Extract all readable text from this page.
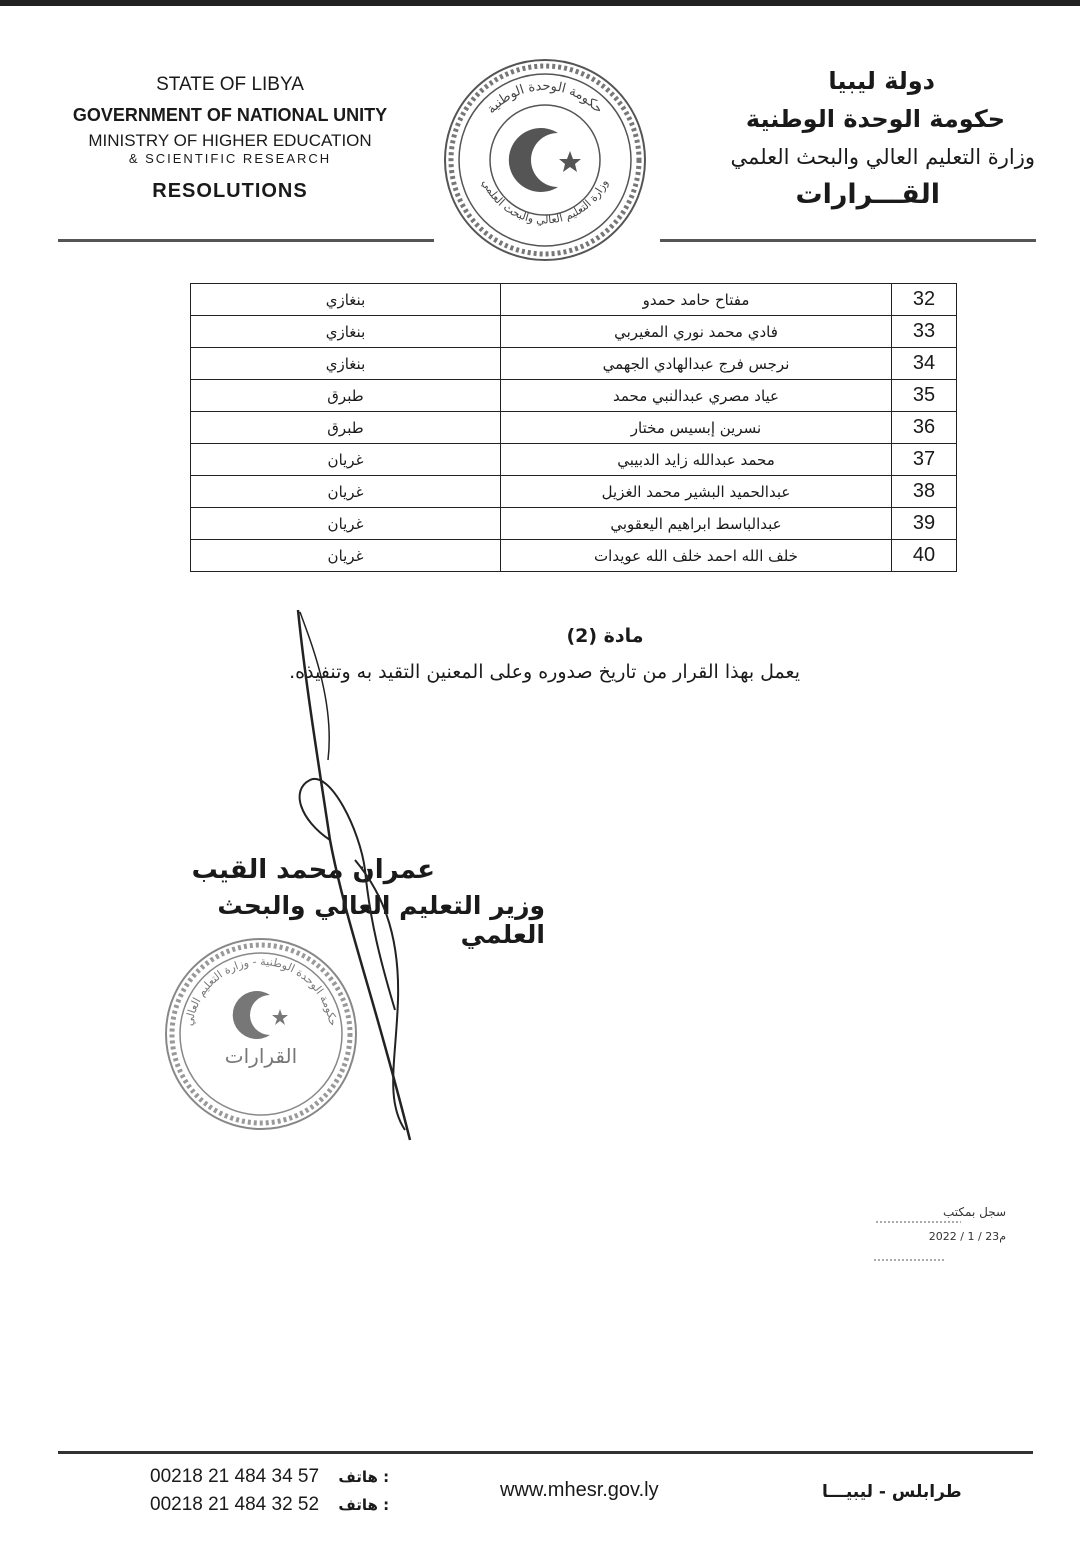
STATE OF LIBYA
GOVERNMENT OF NATIONAL UNITY
MINISTRY OF HIGHER EDUCATION
& SCIENTIFIC RESEARCH
RESOLUTIONS
دولة ليبيا
حكومة الوحدة الوطنية
وزارة التعليم العالي والبحث العلمي
القـــرارات
حكومة الوحدة الوطنية
وزارة التعليم العالي والبحث العلمي
32	مفتاح حامد حمدو	بنغازي
33	فادي محمد نوري المغيربي	بنغازي
34	نرجس فرج عبدالهادي الجهمي	بنغازي
35	عياد مصري عبدالنبي محمد	طبرق
36	نسرين إبسيس مختار	طبرق
37	محمد عبدالله زايد الدبيبي	غريان
38	عبدالحميد البشير محمد الغزيل	غريان
39	عبدالباسط ابراهيم اليعقوبي	غريان
40	خلف الله احمد خلف الله عويدات	غريان
مادة (2)
يعمل بهذا القرار من تاريخ صدوره وعلى المعنين التقيد به وتنفيذه.
عمران محمد القيب
وزير التعليم العالي والبحث العلمي
حكومة الوحدة الوطنية - وزارة التعليم العالي
القرارات
سجل بمكتب
2022 / 1 / 23م
00218 21 484 34 57 هاتف :
00218 21 484 32 52 هاتف :
www.mhesr.gov.ly	طرابلس - ليبيـــا
